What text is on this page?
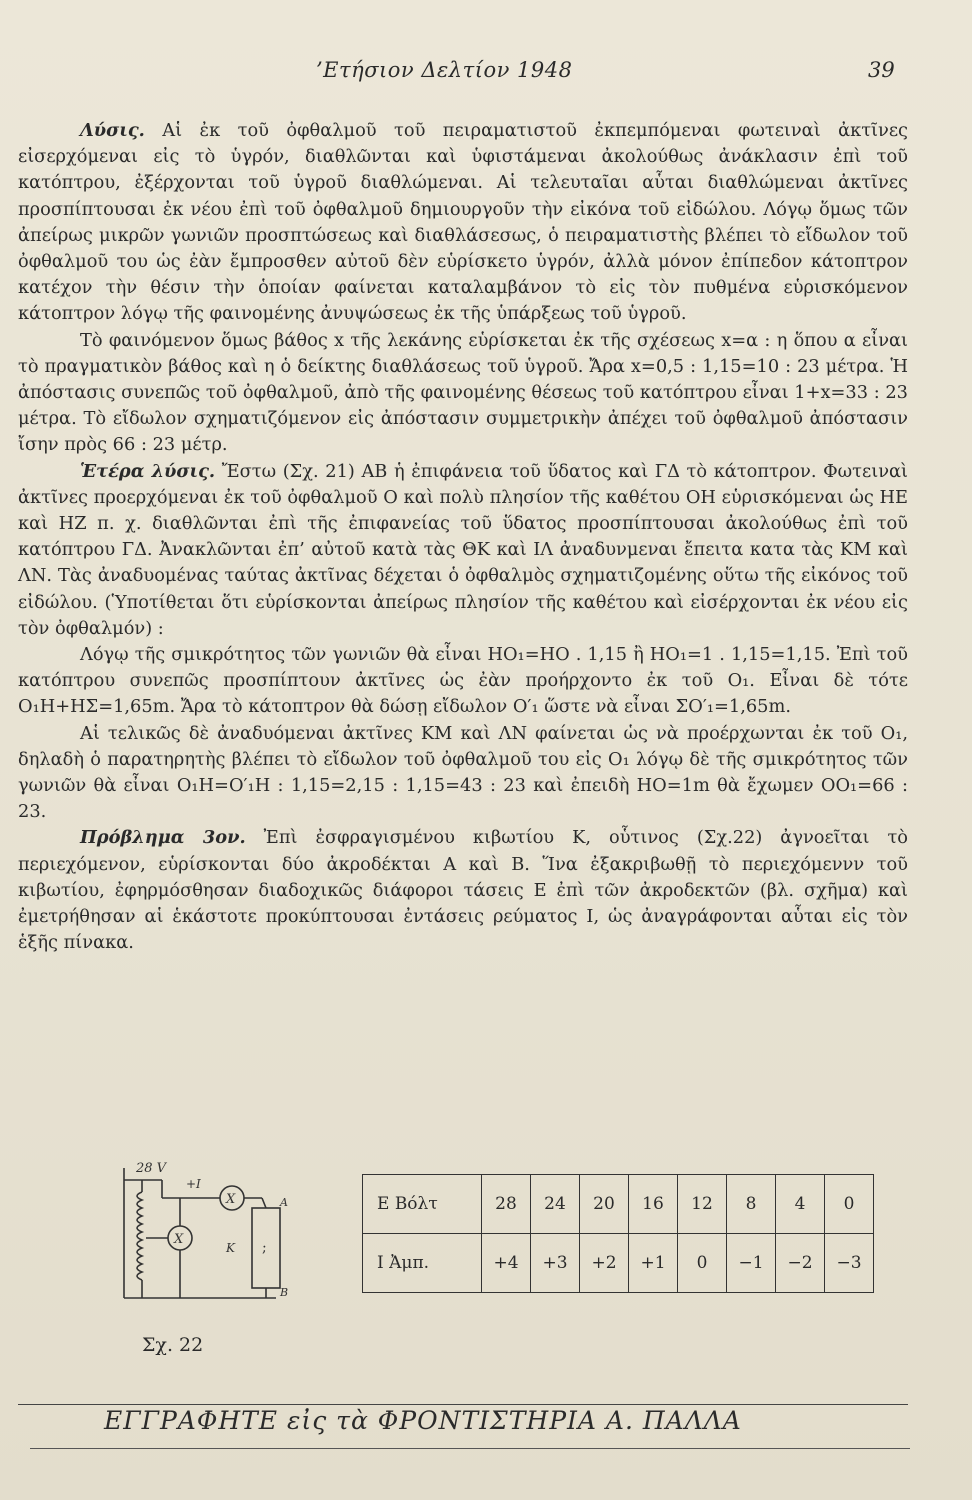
’Ετήσιον Δελτίον 1948	39

Λύσις. Αἱ ἐκ τοῦ ὀφθαλμοῦ τοῦ πειραματιστοῦ ἐκπεμπόμεναι φωτειναὶ ἀκτῖνες εἰσερχόμεναι εἰς τὸ ὑγρόν, διαθλῶνται καὶ ὑφιστάμεναι ἀκολούθως ἀνάκλασιν ἐπὶ τοῦ κατόπτρου, ἐξέρχονται τοῦ ὑγροῦ διαθλώμεναι. Αἱ τελευταῖαι αὗται διαθλώμεναι ἀκτῖνες προσπίπτουσαι ἐκ νέου ἐπὶ τοῦ ὀφθαλμοῦ δημιουργοῦν τὴν εἰκόνα τοῦ εἰδώλου. Λόγῳ ὅμως τῶν ἀπείρως μικρῶν γωνιῶν προσπτώσεως καὶ διαθλάσεσως, ὁ πειραματιστὴς βλέπει τὸ εἴδωλον τοῦ ὀφθαλμοῦ του ὡς ἐὰν ἔμπροσθεν αὐτοῦ δὲν εὑρίσκετο ὑγρόν, ἀλλὰ μόνον ἐπίπεδον κάτοπτρον κατέχον τὴν θέσιν τὴν ὁποίαν φαίνεται καταλαμβάνον τὸ εἰς τὸν πυθμένα εὑρισκόμενον κάτοπτρον λόγῳ τῆς φαινομένης ἀνυψώσεως ἐκ τῆς ὑπάρξεως τοῦ ὑγροῦ.

Τὸ φαινόμενον ὅμως βάθος x τῆς λεκάνης εὑρίσκεται ἐκ τῆς σχέσεως x=α : η ὅπου α εἶναι τὸ πραγματικὸν βάθος καὶ η ὁ δείκτης διαθλάσεως τοῦ ὑγροῦ. Ἄρα x=0,5 : 1,15=10 : 23 μέτρα. Ἡ ἀπόστασις συνεπῶς τοῦ ὀφθαλμοῦ, ἀπὸ τῆς φαινομένης θέσεως τοῦ κατόπτρου εἶναι 1+x=33 : 23 μέτρα. Τὸ εἴδωλον σχηματιζόμενον εἰς ἀπόστασιν συμμετρικὴν ἀπέχει τοῦ ὀφθαλμοῦ ἀπόστασιν ἴσην πρὸς 66 : 23 μέτρ.

Ἑτέρα λύσις. Ἔστω (Σχ. 21) ΑΒ ἡ ἐπιφάνεια τοῦ ὕδατος καὶ ΓΔ τὸ κάτοπτρον. Φωτειναὶ ἀκτῖνες προερχόμεναι ἐκ τοῦ ὀφθαλμοῦ Ο καὶ πολὺ πλησίον τῆς καθέτου ΟΗ εὑρισκόμεναι ὡς ΗΕ καὶ ΗΖ π. χ. διαθλῶνται ἐπὶ τῆς ἐπιφανείας τοῦ ὕδατος προσπίπτουσαι ἀκολούθως ἐπὶ τοῦ κατόπτρου ΓΔ. Ἀνακλῶνται ἐπ’ αὐτοῦ κατὰ τὰς ΘΚ καὶ ΙΛ ἀναδυνμεναι ἔπειτα κατα τὰς ΚΜ καὶ ΛΝ. Τὰς ἀναδυομένας ταύτας ἀκτῖνας δέχεται ὁ ὀφθαλμὸς σχηματιζομένης οὕτω τῆς εἰκόνος τοῦ εἰδώλου. (Ὑποτίθεται ὅτι εὑρίσκονται ἀπείρως πλησίον τῆς καθέτου καὶ εἰσέρχονται ἐκ νέου εἰς τὸν ὀφθαλμόν) :

Λόγῳ τῆς σμικρότητος τῶν γωνιῶν θὰ εἶναι ΗΟ₁=ΗΟ . 1,15 ἢ ΗΟ₁=1 . 1,15=1,15. Ἐπὶ τοῦ κατόπτρου συνεπῶς προσπίπτουν ἀκτῖνες ὡς ἐὰν προήρχοντο ἐκ τοῦ Ο₁. Εἶναι δὲ τότε Ο₁Η+ΗΣ=1,65m. Ἄρα τὸ κάτοπτρον θὰ δώσῃ εἴδωλον Ο′₁ ὥστε νὰ εἶναι ΣΟ′₁=1,65m.

Αἱ τελικῶς δὲ ἀναδυόμεναι ἀκτῖνες ΚΜ καὶ ΛΝ φαίνεται ὡς νὰ προέρχωνται ἐκ τοῦ Ο₁, δηλαδὴ ὁ παρατηρητὴς βλέπει τὸ εἴδωλον τοῦ ὀφθαλμοῦ του εἰς Ο₁ λόγῳ δὲ τῆς σμικρότητος τῶν γωνιῶν θὰ εἶναι Ο₁Η=Ο′₁Η : 1,15=2,15 : 1,15=43 : 23 καὶ ἐπειδὴ ΗΟ=1m θὰ ἔχωμεν ΟΟ₁=66 : 23.

Πρόβλημα 3ον. Ἐπὶ ἐσφραγισμένου κιβωτίου Κ, οὗτινος (Σχ.22) ἀγνοεῖται τὸ περιεχόμενον, εὑρίσκονται δύο ἀκροδέκται Α καὶ Β. Ἵνα ἐξακριβωθῇ τὸ περιεχόμεννν τοῦ κιβωτίου, ἐφηρμόσθησαν διαδοχικῶς διάφοροι τάσεις Ε ἐπὶ τῶν ἀκροδεκτῶν (βλ. σχῆμα) καὶ ἐμετρήθησαν αἱ ἑκάστοτε προκύπτουσαι ἐντάσεις ρεύματος Ι, ὡς ἀναγράφονται αὗται εἰς τὸν ἑξῆς πίνακα.

28 V
+I
X
X
K ;
A
B
Σχ. 22
Ε Βόλτ	28	24	20	16	12	8	4	0
Ι Ἀμπ.	+4	+3	+2	+1	0	−1	−2	−3
ΕΓΓΡΑΦΗΤΕ εἰς τὰ ΦΡΟΝΤΙΣΤΗΡΙΑ Α. ΠΑΛΛΑ
